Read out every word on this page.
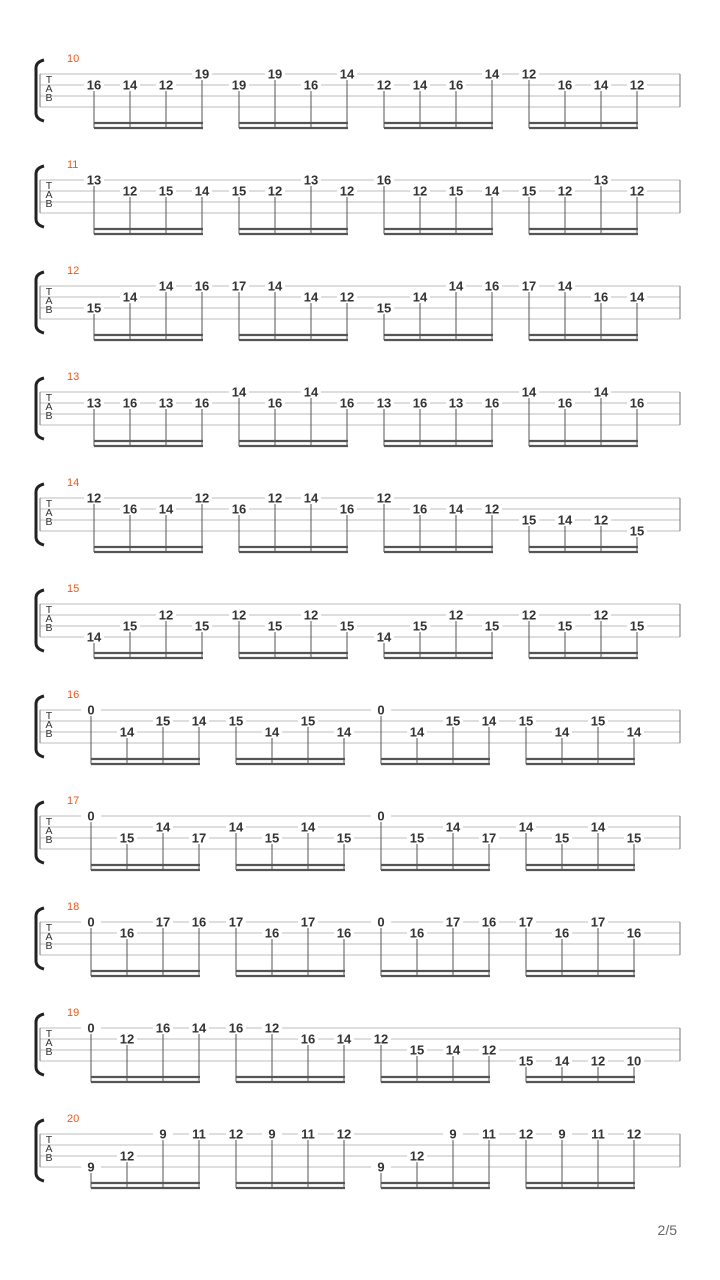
T
A
B
10
16 14 12
19
19
19
16
14
12 14 16
14 12
16 14 12
T
A
B
11
13
12 15 14 15 12
13
12
16
12 15 14 15 12
13
12
T
A
B
12
15
14
14 16 17 14
14 12
15
14
14 16 17 14
16 14
T
A
B
13
13 16 13 16
14
16
14
16 13 16 13 16
14
16
14
16
T
A
B
14
12
16 14
12
16
12 14
16
12
16 14 12
15 14 12
15
T
A
B
15
14
15
12
15
12
15
12
15
14
15
12
15
12
15
12
15
T
A
B
16
0
14
15 14 15
14
15
14
0
14
15 14 15
14
15
14
T
A
B
17
0
15
14
17
14
15
14
15
0
15
14
17
14
15
14
15
T
A
B
18
0
16
17 16 17
16
17
16
0
16
17 16 17
16
17
16
T
A
B
19
0
12
16 14 16 12
16 14 12
15 14 12
15 14 12 10
T
A
B
20
9
12
9 11 12 9 11 12
9
12
9 11 12 9 11 12
2/5
